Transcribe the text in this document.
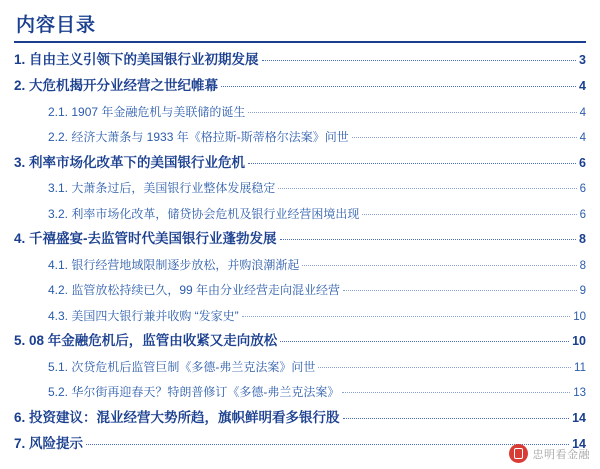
内容目录
1. 自由主义引领下的美国银行业初期发展	3
2. 大危机揭开分业经营之世纪帷幕	4
2.1. 1907 年金融危机与美联储的诞生	4
2.2. 经济大萧条与 1933 年《格拉斯-斯蒂格尔法案》问世	4
3. 利率市场化改革下的美国银行业危机	6
3.1. 大萧条过后，美国银行业整体发展稳定	6
3.2. 利率市场化改革，储贷协会危机及银行业经营困境出现	6
4. 千禧盛宴-去监管时代美国银行业蓬勃发展	8
4.1. 银行经营地域限制逐步放松，并购浪潮渐起	8
4.2. 监管放松持续已久，99 年由分业经营走向混业经营	9
4.3. 美国四大银行兼并收购 “发家史”	10
5. 08 年金融危机后，监管由收紧又走向放松	10
5.1. 次贷危机后监管巨制《多德-弗兰克法案》问世	11
5.2. 华尔街再迎春天？特朗普修订《多德-弗兰克法案》	13
6. 投资建议：混业经营大势所趋，旗帜鲜明看多银行股	14
7. 风险提示	14
忠明看金融
